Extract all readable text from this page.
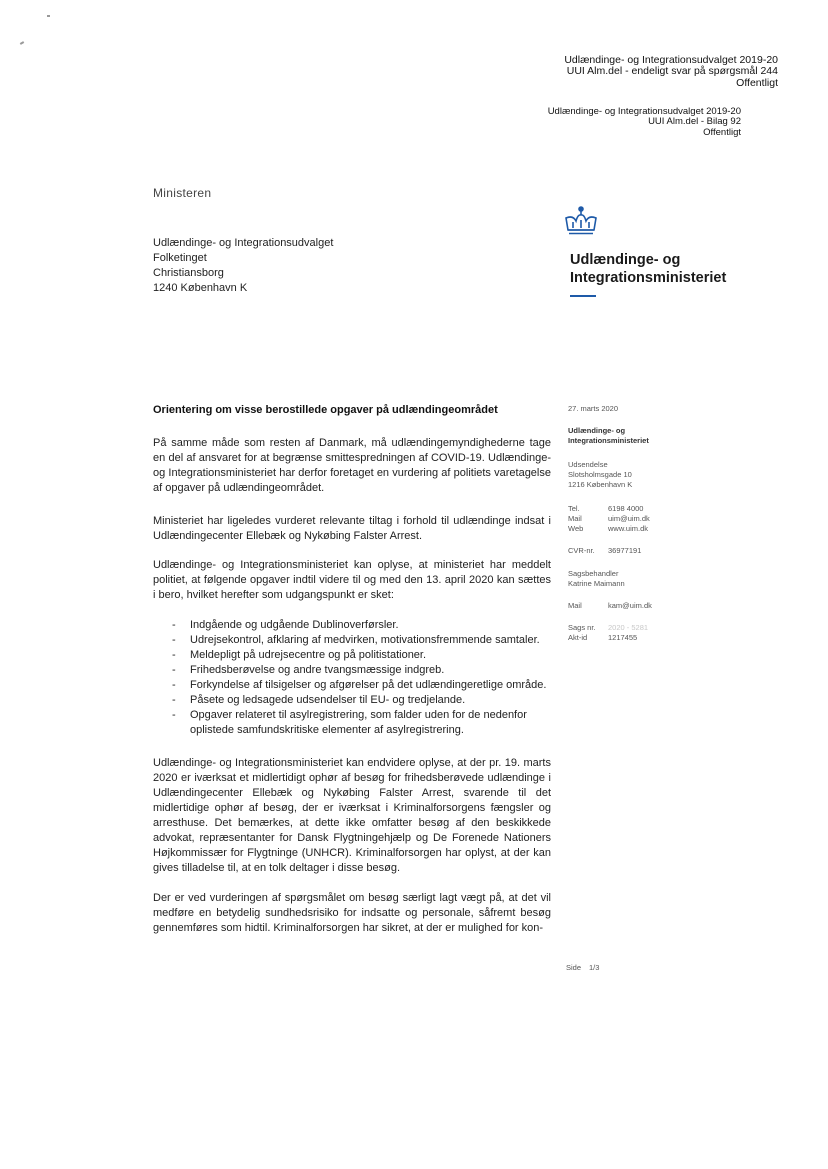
Udlændinge- og Integrationsudvalget 2019-20
UUI Alm.del - endeligt svar på spørgsmål 244
Offentligt
Udlændinge- og Integrationsudvalget 2019-20
UUI Alm.del - Bilag 92
Offentligt
Ministeren
Udlændinge- og Integrationsudvalget
Folketinget
Christiansborg
1240 København K
Udlændinge- og
Integrationsministeriet
Orientering om visse berostillede opgaver på udlændingeområdet
På samme måde som resten af Danmark, må udlændingemyndighederne tage en del af ansvaret for at begrænse smittespredningen af COVID-19. Udlændinge- og Integrationsministeriet har derfor foretaget en vurdering af politiets varetagelse af opgaver på udlændingeområdet.
Ministeriet har ligeledes vurderet relevante tiltag i forhold til udlændinge indsat i Udlændingecenter Ellebæk og Nykøbing Falster Arrest.
Udlændinge- og Integrationsministeriet kan oplyse, at ministeriet har meddelt politiet, at følgende opgaver indtil videre til og med den 13. april 2020 kan sættes i bero, hvilket herefter som udgangspunkt er sket:
- Indgående og udgående Dublinoverførsler.
- Udrejsekontrol, afklaring af medvirken, motivationsfremmende samtaler.
- Meldepligt på udrejsecentre og på politistationer.
- Frihedsberøvelse og andre tvangsmæssige indgreb.
- Forkyndelse af tilsigelser og afgørelser på det udlændingeretlige område.
- Påsete og ledsagede udsendelser til EU- og tredjelande.
- Opgaver relateret til asylregistrering, som falder uden for de nedenfor oplistede samfundskritiske elementer af asylregistrering.
Udlændinge- og Integrationsministeriet kan endvidere oplyse, at der pr. 19. marts 2020 er iværksat et midlertidigt ophør af besøg for frihedsberøvede udlændinge i Udlændingecenter Ellebæk og Nykøbing Falster Arrest, svarende til det midlertidige ophør af besøg, der er iværksat i Kriminalforsorgens fængsler og arresthuse. Det bemærkes, at dette ikke omfatter besøg af den beskikkede advokat, repræsentanter for Dansk Flygtningehjælp og De Forenede Nationers Højkommissær for Flygtninge (UNHCR). Kriminalforsorgen har oplyst, at der kan gives tilladelse til, at en tolk deltager i disse besøg.
Der er ved vurderingen af spørgsmålet om besøg særligt lagt vægt på, at det vil medføre en betydelig sundhedsrisiko for indsatte og personale, såfremt besøg gennemføres som hidtil. Kriminalforsorgen har sikret, at der er mulighed for kon-
27. marts 2020
Udlændinge- og
Integrationsministeriet
Udsendelse
Slotsholmsgade 10
1216 København K
Tel.	6198 4000
Mail	uim@uim.dk
Web	www.uim.dk
CVR-nr.	36977191
Sagsbehandler
Katrine Maimann
Mail	kam@uim.dk
Sags nr.	2020 - 5281
Akt-id	1217455
Side 1/3
